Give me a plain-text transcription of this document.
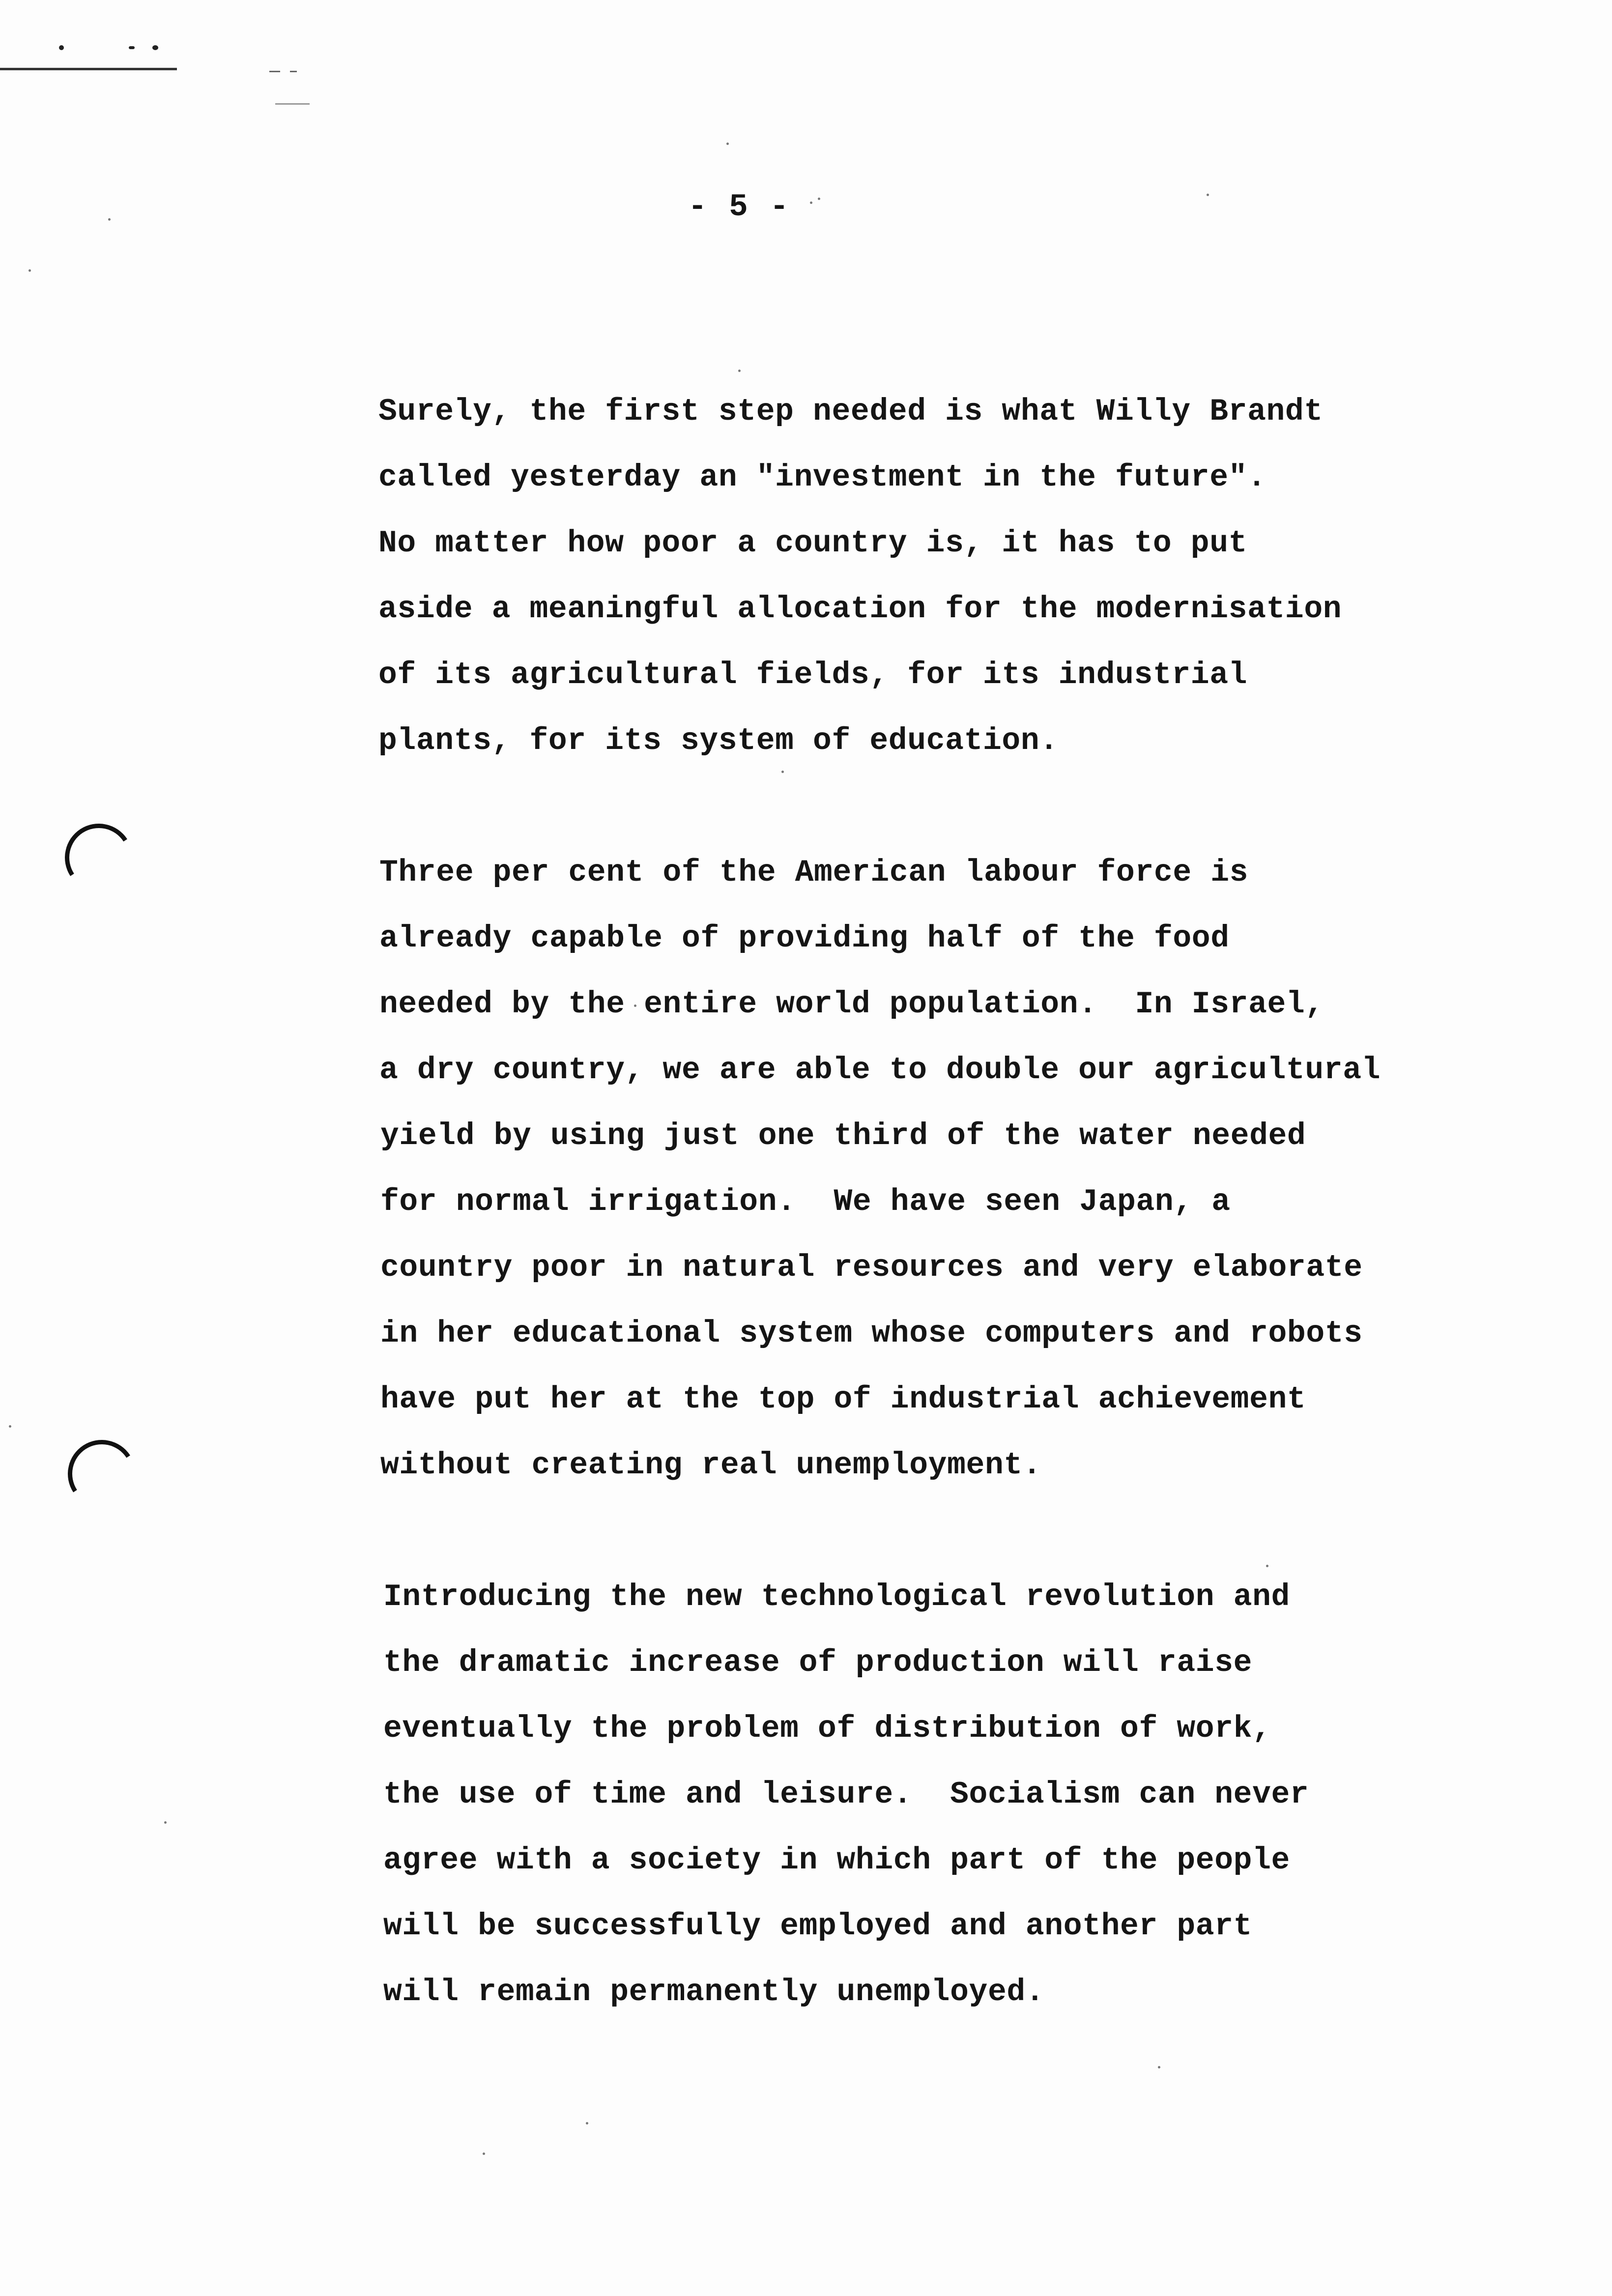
- 5 -
Surely, the first step needed is what Willy Brandt
called yesterday an "investment in the future".
No matter how poor a country is, it has to put
aside a meaningful allocation for the modernisation
of its agricultural fields, for its industrial
plants, for its system of education.
Three per cent of the American labour force is
already capable of providing half of the food
needed by the entire world population.  In Israel,
a dry country, we are able to double our agricultural
yield by using just one third of the water needed
for normal irrigation.  We have seen Japan, a
country poor in natural resources and very elaborate
in her educational system whose computers and robots
have put her at the top of industrial achievement
without creating real unemployment.
Introducing the new technological revolution and
the dramatic increase of production will raise
eventually the problem of distribution of work,
the use of time and leisure.  Socialism can never
agree with a society in which part of the people
will be successfully employed and another part
will remain permanently unemployed.
